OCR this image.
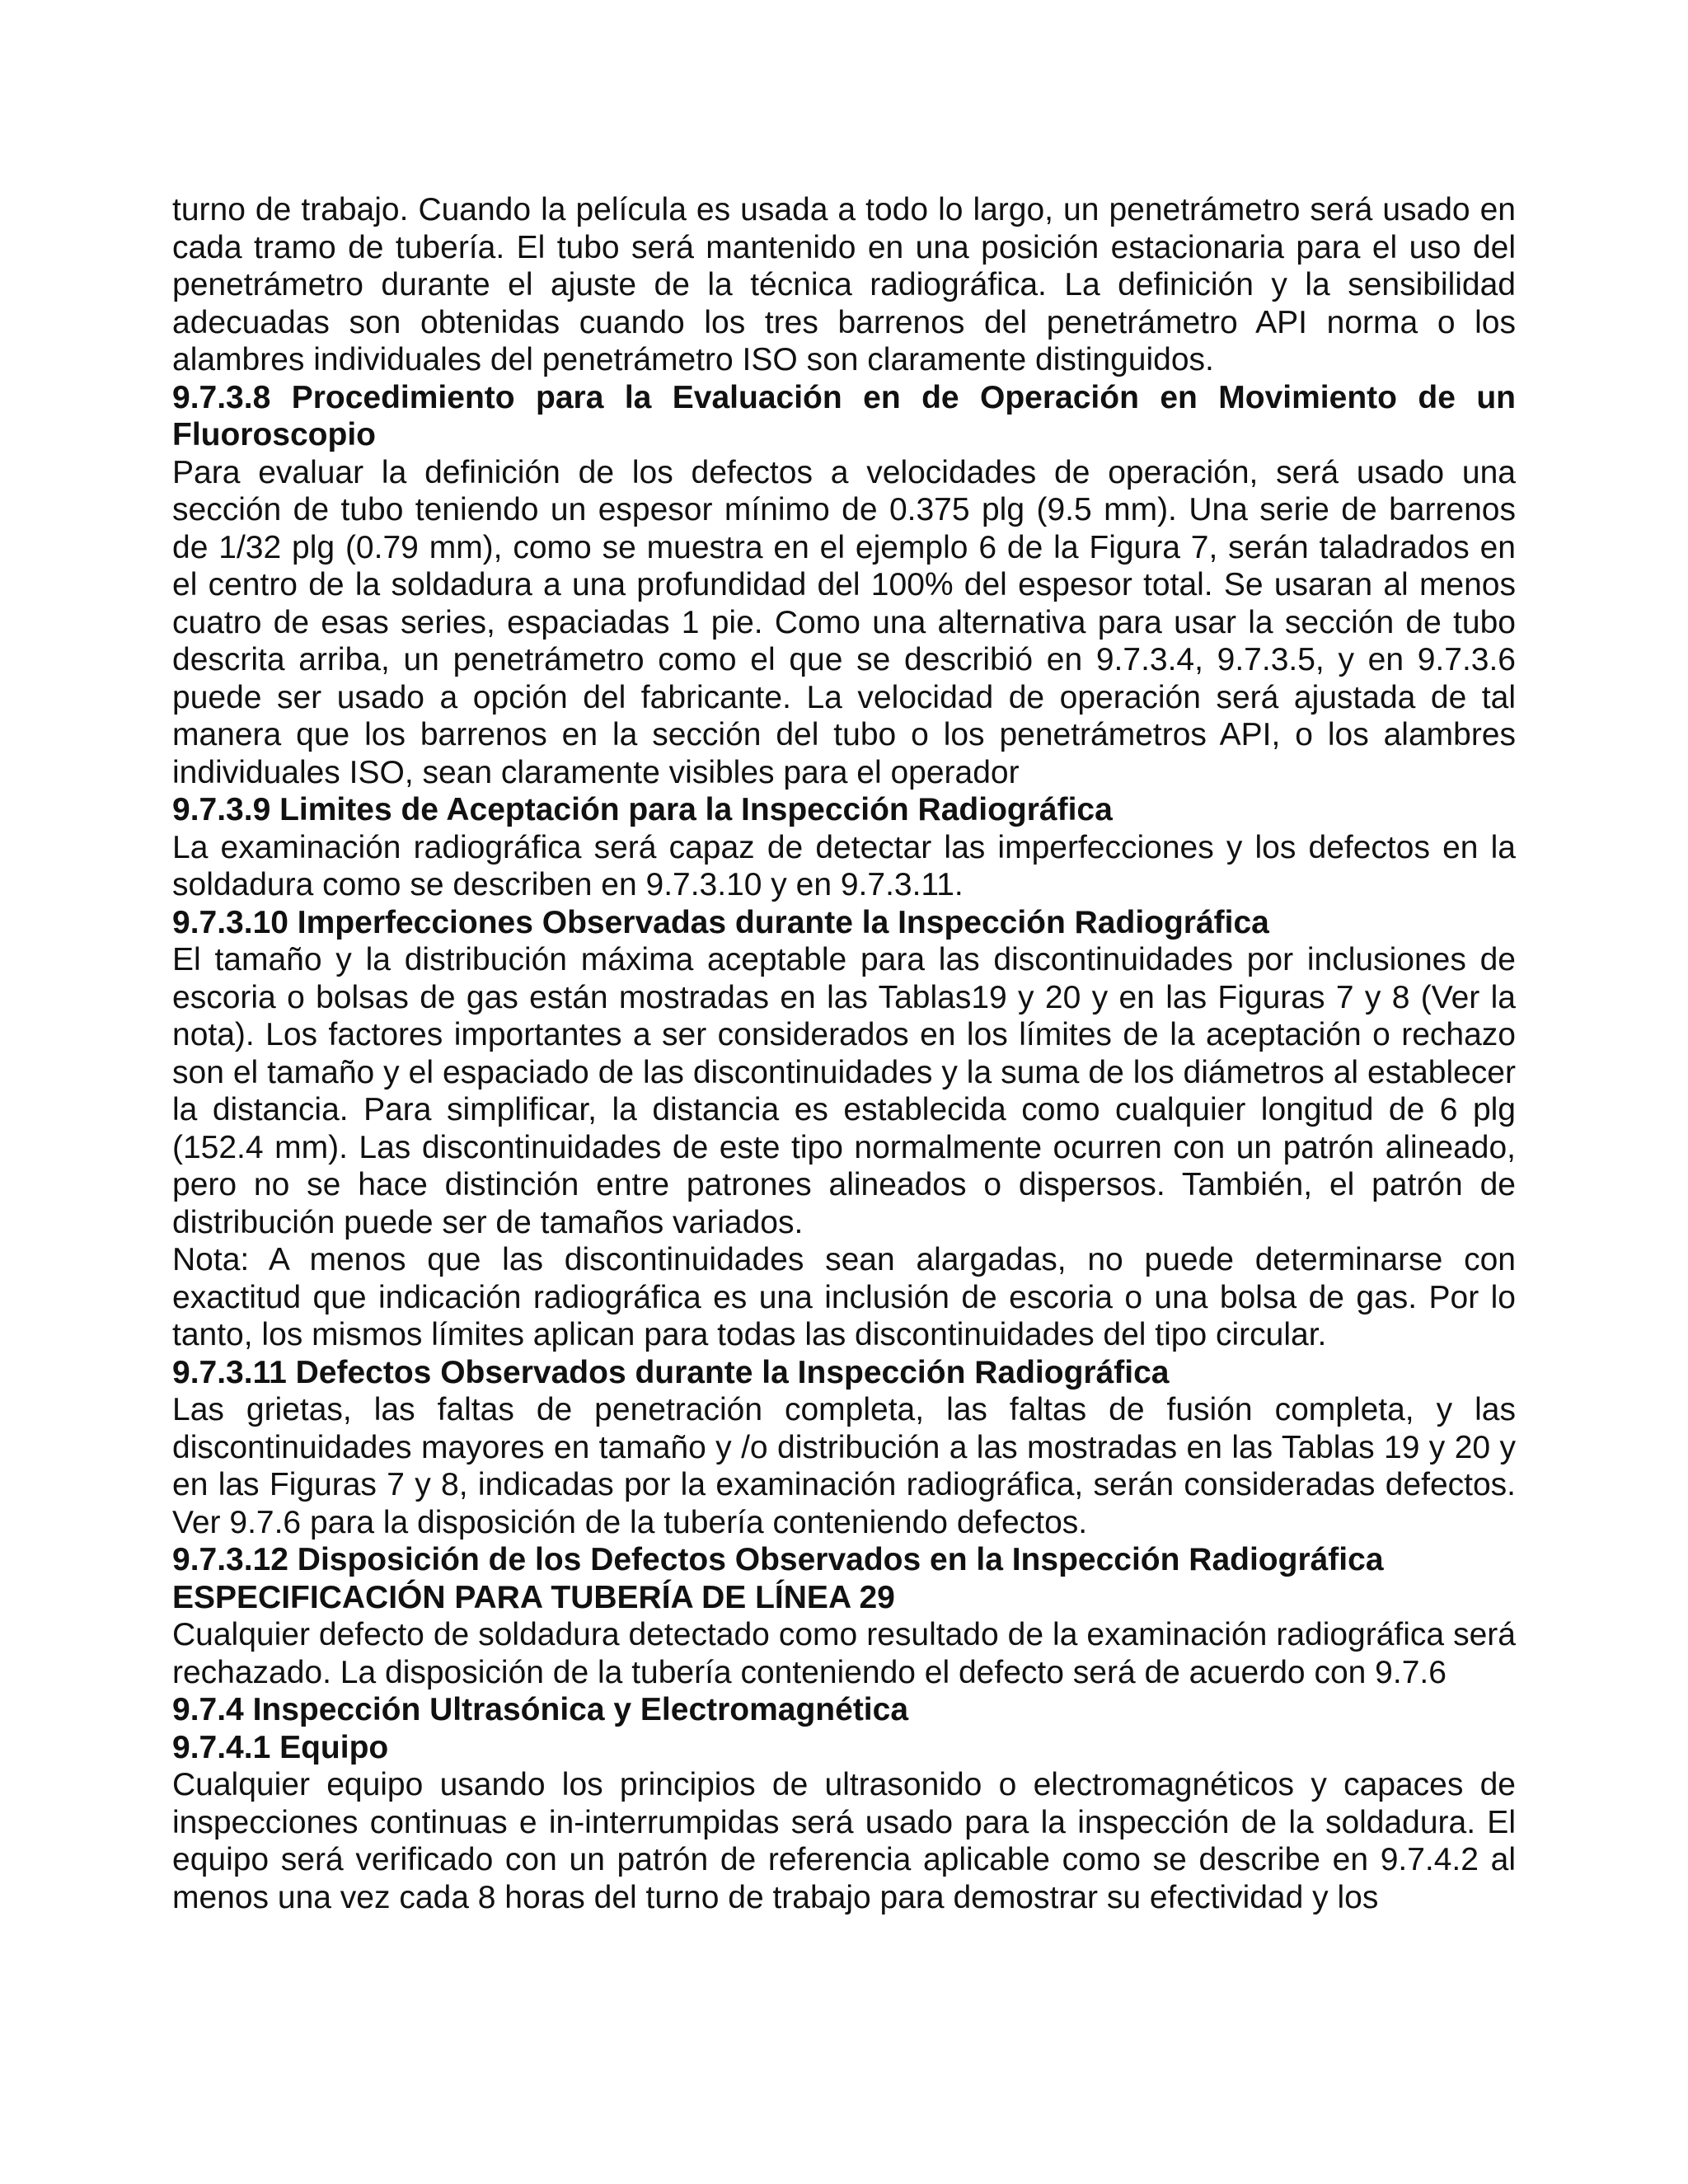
turno de trabajo. Cuando la película es usada a todo lo largo, un penetrámetro será usado en cada tramo de tubería. El tubo será mantenido en una posición estacionaria para el uso del penetrámetro durante el ajuste de la técnica radiográfica. La definición y la sensibilidad adecuadas son obtenidas cuando los tres barrenos del penetrámetro API norma o los alambres individuales del penetrámetro ISO son claramente distinguidos.

9.7.3.8 Procedimiento para la Evaluación en de Operación en Movimiento de un Fluoroscopio

Para evaluar la definición de los defectos a velocidades de operación, será usado una sección de tubo teniendo un espesor mínimo de 0.375 plg (9.5 mm). Una serie de barrenos de 1/32 plg (0.79 mm), como se muestra en el ejemplo 6 de la Figura 7, serán taladrados en el centro de la soldadura a una profundidad del 100% del espesor total. Se usaran al menos cuatro de esas series, espaciadas 1 pie. Como una alternativa para usar la sección de tubo descrita arriba, un penetrámetro como el que se describió en 9.7.3.4, 9.7.3.5, y en 9.7.3.6 puede ser usado a opción del fabricante. La velocidad de operación será ajustada de tal manera que los barrenos en la sección del tubo o los penetrámetros API, o los alambres individuales ISO, sean claramente visibles para el operador

9.7.3.9 Limites de Aceptación para la Inspección Radiográfica

La examinación radiográfica será capaz de detectar las imperfecciones y los defectos en la soldadura como se describen en 9.7.3.10 y en 9.7.3.11.

9.7.3.10 Imperfecciones Observadas durante la Inspección Radiográfica

El tamaño y la distribución máxima aceptable para las discontinuidades por inclusiones de escoria o bolsas de gas están mostradas en las Tablas19 y 20 y en las Figuras 7 y 8 (Ver la nota). Los factores importantes a ser considerados en los límites de la aceptación o rechazo son el tamaño y el espaciado de las discontinuidades y la suma de los diámetros al establecer la distancia. Para simplificar, la distancia es establecida como cualquier longitud de 6 plg (152.4 mm). Las discontinuidades de este tipo normalmente ocurren con un patrón alineado, pero no se hace distinción entre patrones alineados o dispersos. También, el patrón de distribución puede ser de tamaños variados.

Nota: A menos que las discontinuidades sean alargadas, no puede determinarse con exactitud que indicación radiográfica es una inclusión de escoria o una bolsa de gas. Por lo tanto, los mismos límites aplican para todas las discontinuidades del tipo circular.

9.7.3.11 Defectos Observados durante la Inspección Radiográfica

Las grietas, las faltas de penetración completa, las faltas de fusión completa, y las discontinuidades mayores en tamaño y /o distribución a las mostradas en las Tablas 19 y 20 y en las Figuras 7 y 8, indicadas por la examinación radiográfica, serán consideradas defectos. Ver 9.7.6 para la disposición de la tubería conteniendo defectos.

9.7.3.12 Disposición de los Defectos Observados en la Inspección Radiográfica

ESPECIFICACIÓN PARA TUBERÍA DE LÍNEA 29

Cualquier defecto de soldadura detectado como resultado de la examinación radiográfica será rechazado. La disposición de la tubería conteniendo el defecto será de acuerdo con 9.7.6

9.7.4 Inspección Ultrasónica y Electromagnética

9.7.4.1 Equipo

Cualquier equipo usando los principios de ultrasonido o electromagnéticos y capaces de inspecciones continuas e in-interrumpidas será usado para la inspección de la soldadura. El equipo será verificado con un patrón de referencia aplicable como se describe en 9.7.4.2 al menos una vez cada 8 horas del turno de trabajo para demostrar su efectividad y los
